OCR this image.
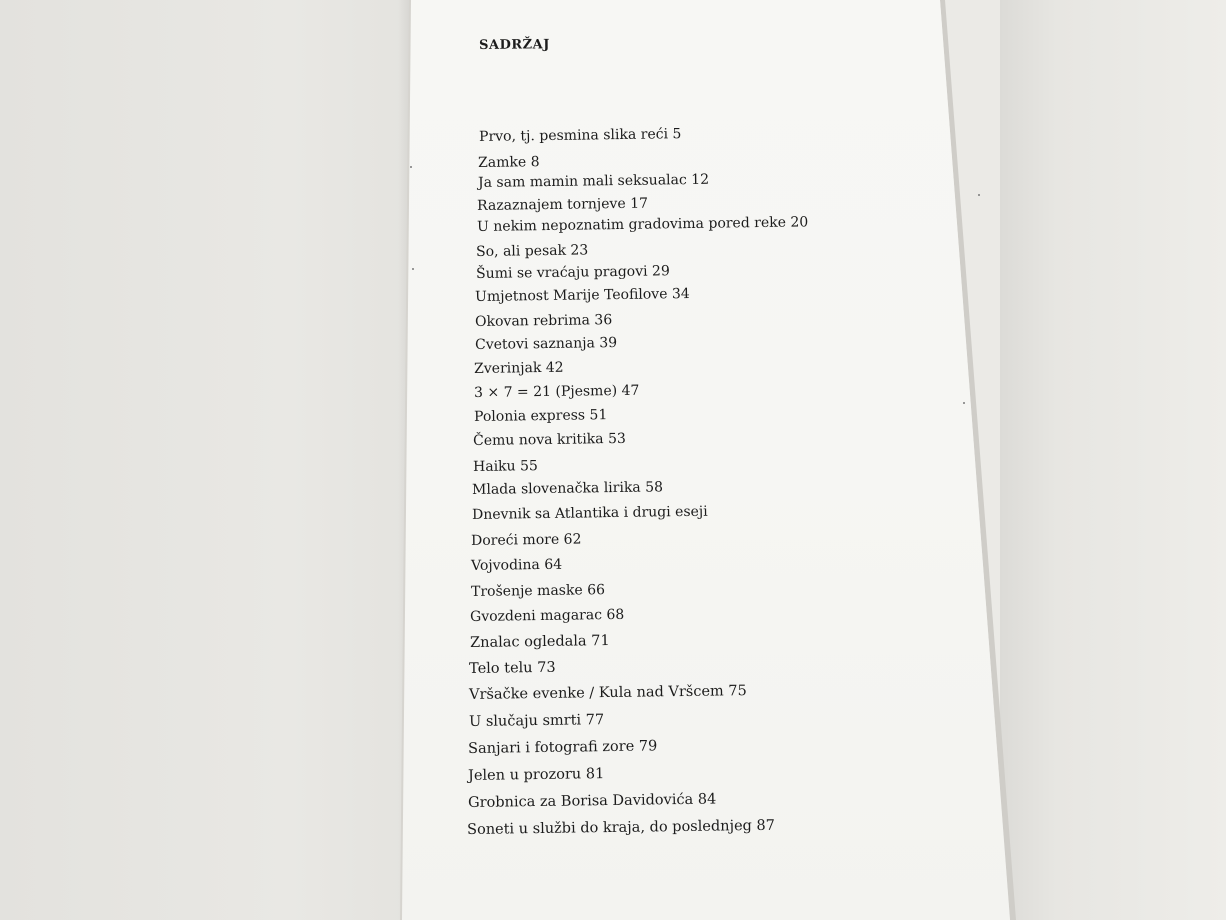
SADRŽAJ
Prvo, tj. pesmina slika reći 5
Zamke 8
Ja sam mamin mali seksualac 12
Razaznajem tornjeve 17
U nekim nepoznatim gradovima pored reke 20
So, ali pesak 23
Šumi se vraćaju pragovi 29
Umjetnost Marije Teofilove 34
Okovan rebrima 36
Cvetovi saznanja 39
Zverinjak 42
3 × 7 = 21 (Pjesme) 47
Polonia express 51
Čemu nova kritika 53
Haiku 55
Mlada slovenačka lirika 58
Dnevnik sa Atlantika i drugi eseji
Doreći more 62
Vojvodina 64
Trošenje maske 66
Gvozdeni magarac 68
Znalac ogledala 71
Telo telu 73
Vršačke evenke / Kula nad Vršcem 75
U slučaju smrti 77
Sanjari i fotografi zore 79
Jelen u prozoru 81
Grobnica za Borisa Davidovića 84
Soneti u službi do kraja, do poslednjeg 87
